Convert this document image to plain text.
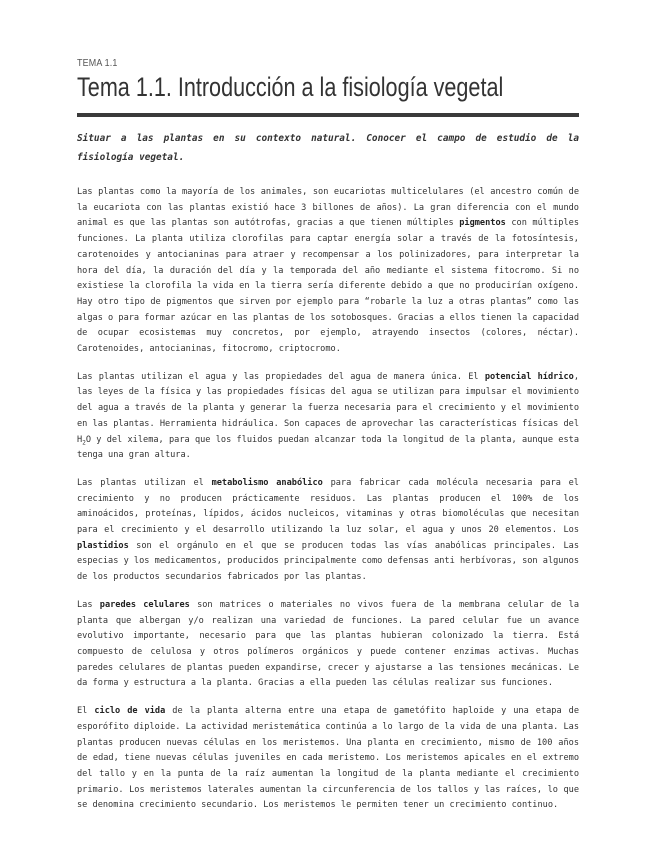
TEMA 1.1
Tema 1.1. Introducción a la fisiología vegetal

Situar a las plantas en su contexto natural. Conocer el campo de estudio de la fisiología vegetal.

Las plantas como la mayoría de los animales, son eucariotas multicelulares (el ancestro común de la eucariota con las plantas existió hace 3 billones de años). La gran diferencia con el mundo animal es que las plantas son autótrofas, gracias a que tienen múltiples pigmentos con múltiples funciones. La planta utiliza clorofilas para captar energía solar a través de la fotosíntesis, carotenoides y antocianinas para atraer y recompensar a los polinizadores, para interpretar la hora del día, la duración del día y la temporada del año mediante el sistema fitocromo. Si no existiese la clorofila la vida en la tierra sería diferente debido a que no producirían oxígeno. Hay otro tipo de pigmentos que sirven por ejemplo para “robarle la luz a otras plantas” como las algas o para formar azúcar en las plantas de los sotobosques. Gracias a ellos tienen la capacidad de ocupar ecosistemas muy concretos, por ejemplo, atrayendo insectos (colores, néctar). Carotenoides, antocianinas, fitocromo, criptocromo.

Las plantas utilizan el agua y las propiedades del agua de manera única. El potencial hídrico, las leyes de la física y las propiedades físicas del agua se utilizan para impulsar el movimiento del agua a través de la planta y generar la fuerza necesaria para el crecimiento y el movimiento en las plantas. Herramienta hidráulica. Son capaces de aprovechar las características físicas del $H_2O$ y del xilema, para que los fluidos puedan alcanzar toda la longitud de la planta, aunque esta tenga una gran altura.

Las plantas utilizan el metabolismo anabólico para fabricar cada molécula necesaria para el crecimiento y no producen prácticamente residuos. Las plantas producen el 100% de los aminoácidos, proteínas, lípidos, ácidos nucleicos, vitaminas y otras biomoléculas que necesitan para el crecimiento y el desarrollo utilizando la luz solar, el agua y unos 20 elementos. Los plastidios son el orgánulo en el que se producen todas las vías anabólicas principales. Las especias y los medicamentos, producidos principalmente como defensas anti herbívoras, son algunos de los productos secundarios fabricados por las plantas.

Las paredes celulares son matrices o materiales no vivos fuera de la membrana celular de la planta que albergan y/o realizan una variedad de funciones. La pared celular fue un avance evolutivo importante, necesario para que las plantas hubieran colonizado la tierra. Está compuesto de celulosa y otros polímeros orgánicos y puede contener enzimas activas. Muchas paredes celulares de plantas pueden expandirse, crecer y ajustarse a las tensiones mecánicas. Le da forma y estructura a la planta. Gracias a ella pueden las células realizar sus funciones.

El ciclo de vida de la planta alterna entre una etapa de gametófito haploide y una etapa de esporófito diploide. La actividad meristemática continúa a lo largo de la vida de una planta. Las plantas producen nuevas células en los meristemos. Una planta en crecimiento, mismo de 100 años de edad, tiene nuevas células juveniles en cada meristemo. Los meristemos apicales en el extremo del tallo y en la punta de la raíz aumentan la longitud de la planta mediante el crecimiento primario. Los meristemos laterales aumentan la circunferencia de los tallos y las raíces, lo que se denomina crecimiento secundario. Los meristemos le permiten tener un crecimiento continuo.
